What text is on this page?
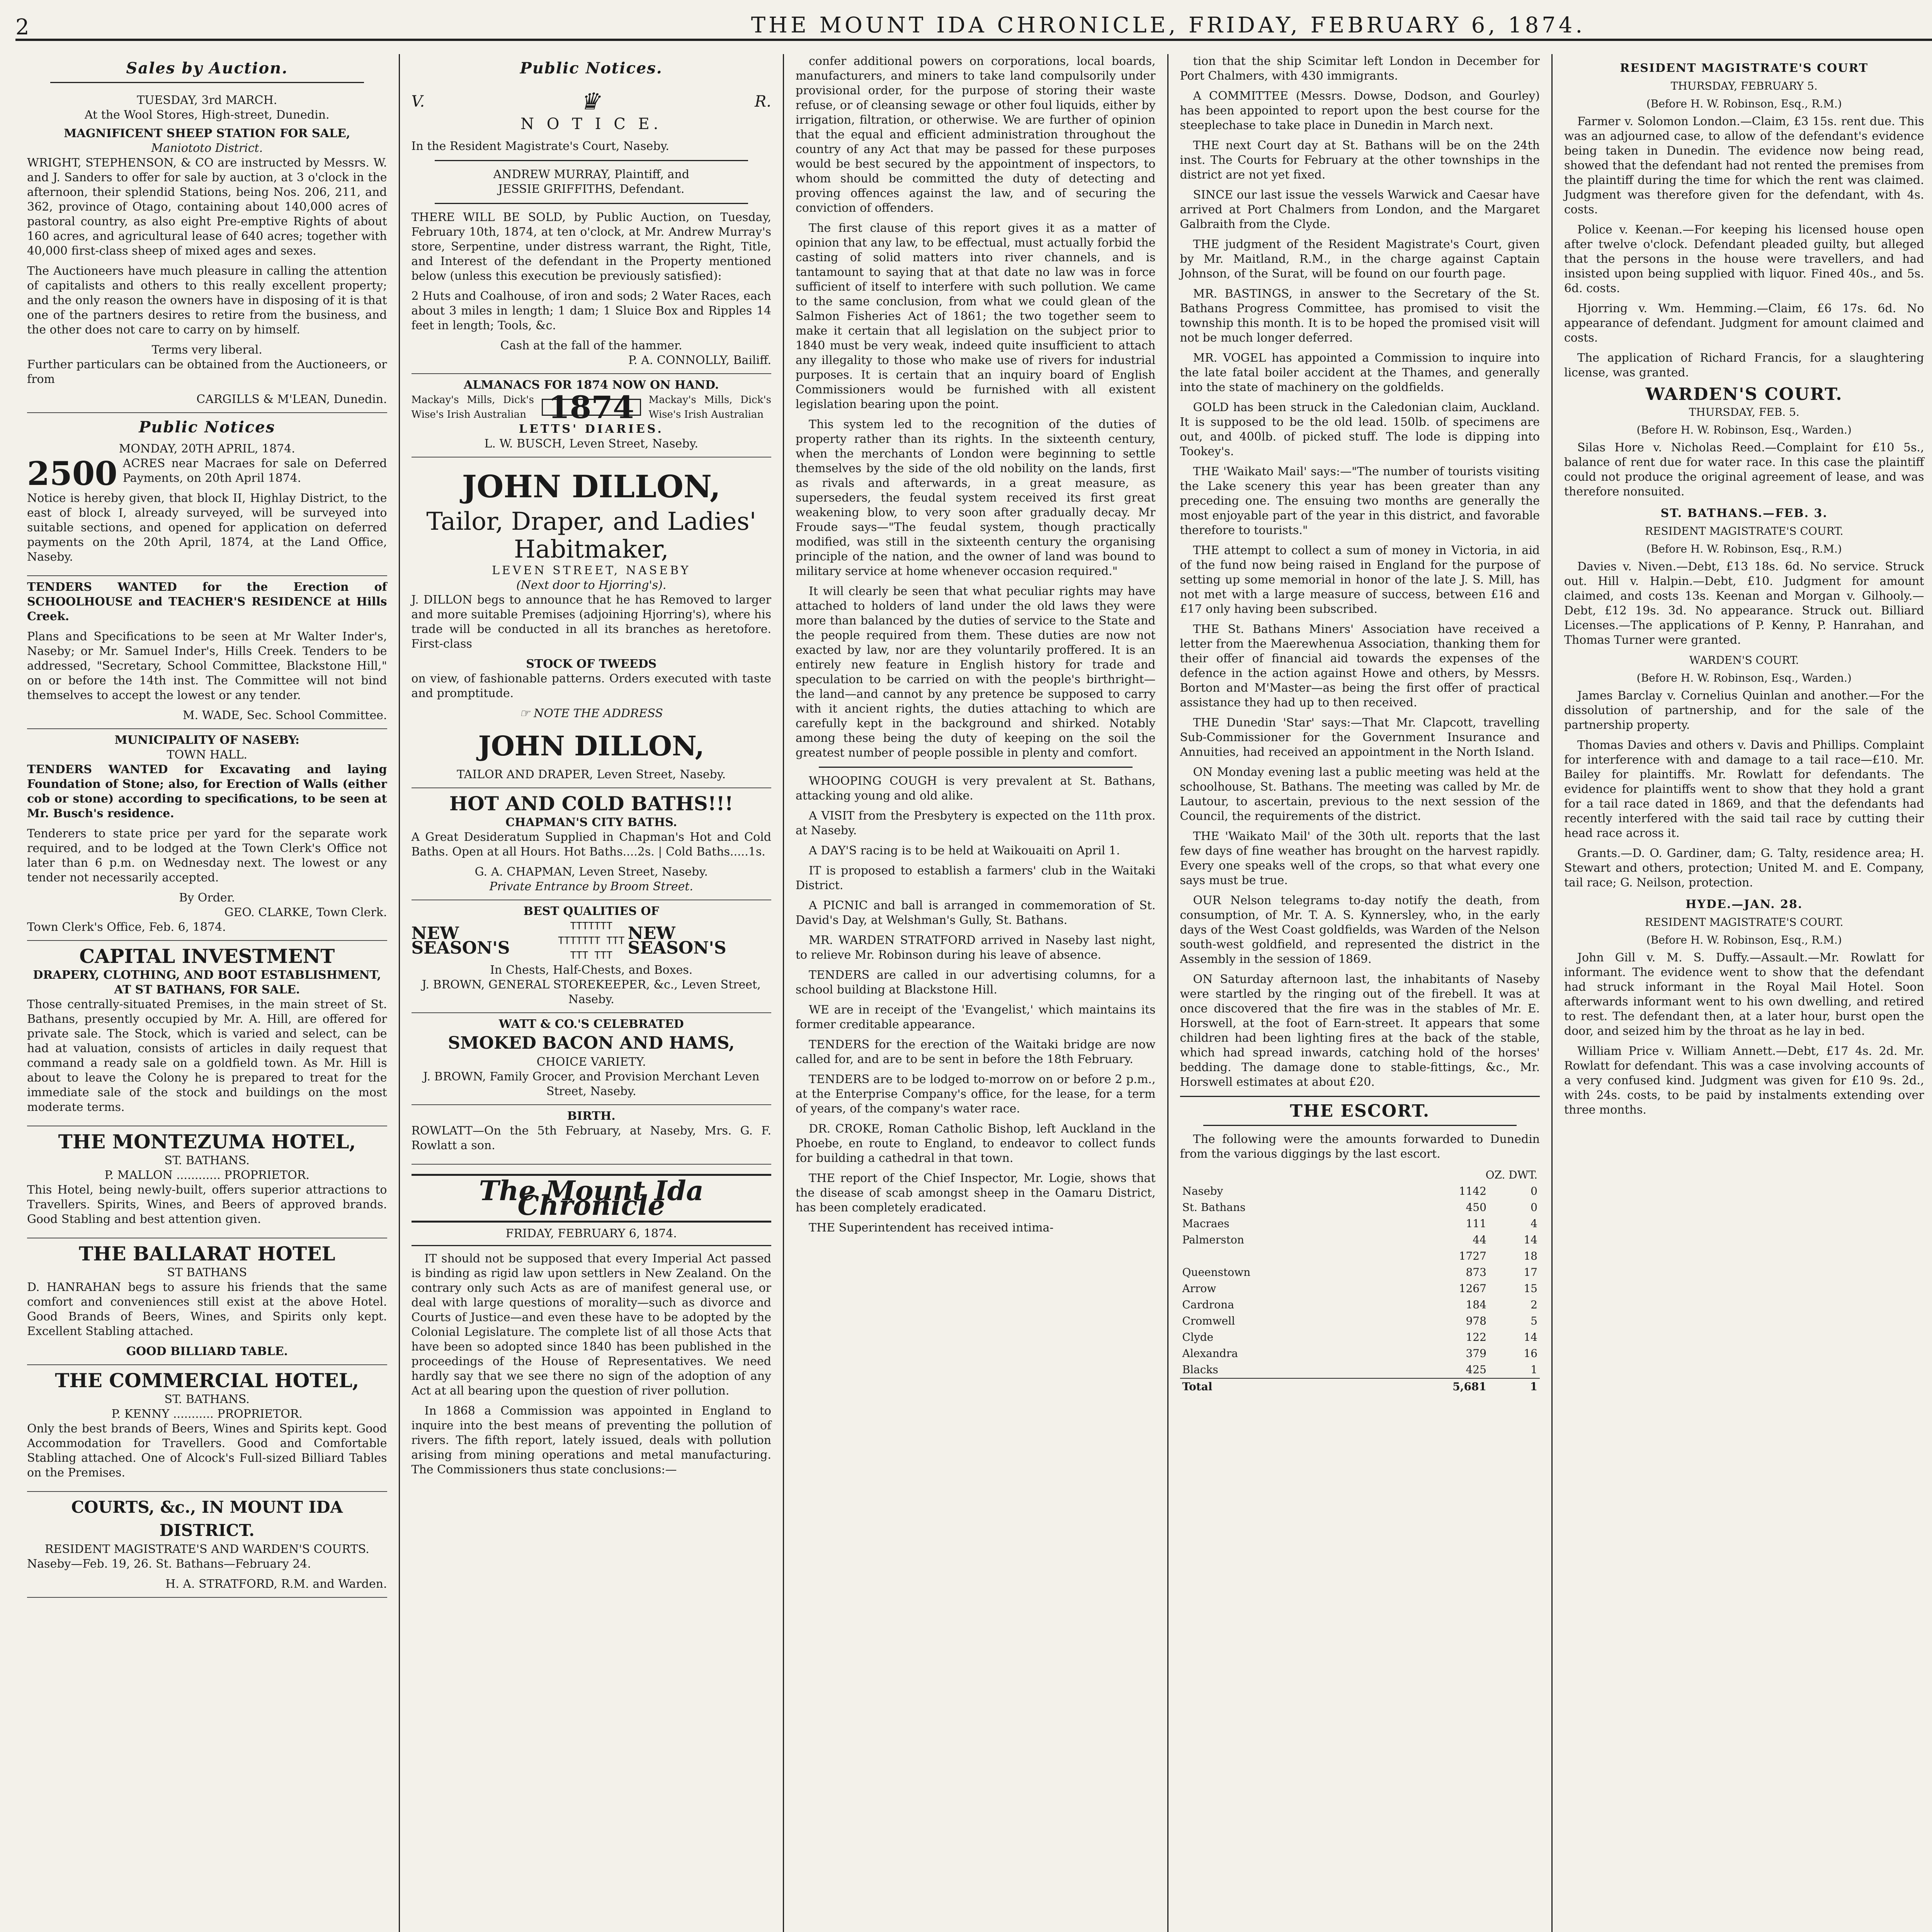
2	THE MOUNT IDA CHRONICLE, FRIDAY, FEBRUARY 6, 1874.
Sales by Auction.
TUESDAY, 3rd MARCH.
At the Wool Stores, High-street, Dunedin.
MAGNIFICENT SHEEP STATION FOR SALE,
Maniototo District.

WRIGHT, STEPHENSON, & CO are instructed by Messrs. W. and J. Sanders to offer for sale by auction, at 3 o'clock in the afternoon, their splendid Stations, being Nos. 206, 211, and 362, province of Otago, containing about 140,000 acres of pastoral country, as also eight Pre-emptive Rights of about 160 acres, and agricultural lease of 640 acres; together with 40,000 first-class sheep of mixed ages and sexes.

The Auctioneers have much pleasure in calling the attention of capitalists and others to this really excellent property; and the only reason the owners have in disposing of it is that one of the partners desires to retire from the business, and the other does not care to carry on by himself.

Terms very liberal.

Further particulars can be obtained from the Auctioneers, or from

CARGILLS & M'LEAN, Dunedin.
Public Notices
MONDAY, 20TH APRIL, 1874.
2500 ACRES near Macraes for sale on Deferred Payments, on 20th April 1874.

Notice is hereby given, that block II, Highlay District, to the east of block I, already surveyed, will be surveyed into suitable sections, and opened for application on deferred payments on the 20th April, 1874, at the Land Office, Naseby.

TENDERS WANTED for the Erection of SCHOOLHOUSE and TEACHER'S RESIDENCE at Hills Creek.

Plans and Specifications to be seen at Mr Walter Inder's, Naseby; or Mr. Samuel Inder's, Hills Creek. Tenders to be addressed, "Secretary, School Committee, Blackstone Hill," on or before the 14th inst. The Committee will not bind themselves to accept the lowest or any tender.

M. WADE, Sec. School Committee.
MUNICIPALITY OF NASEBY:
TOWN HALL.

TENDERS WANTED for Excavating and laying Foundation of Stone; also, for Erection of Walls (either cob or stone) according to specifications, to be seen at Mr. Busch's residence.

Tenderers to state price per yard for the separate work required, and to be lodged at the Town Clerk's Office not later than 6 p.m. on Wednesday next. The lowest or any tender not necessarily accepted.

By Order.
GEO. CLARKE, Town Clerk.
Town Clerk's Office, Feb. 6, 1874.
CAPITAL INVESTMENT
DRAPERY, CLOTHING, AND BOOT ESTABLISHMENT, AT ST BATHANS, FOR SALE.

Those centrally-situated Premises, in the main street of St. Bathans, presently occupied by Mr. A. Hill, are offered for private sale. The Stock, which is varied and select, can be had at valuation, consists of articles in daily request that command a ready sale on a goldfield town. As Mr. Hill is about to leave the Colony he is prepared to treat for the immediate sale of the stock and buildings on the most moderate terms.

THE MONTEZUMA HOTEL,
ST. BATHANS.
P. MALLON ............ PROPRIETOR.

This Hotel, being newly-built, offers superior attractions to Travellers. Spirits, Wines, and Beers of approved brands. Good Stabling and best attention given.

THE BALLARAT HOTEL
ST BATHANS

D. HANRAHAN begs to assure his friends that the same comfort and conveniences still exist at the above Hotel. Good Brands of Beers, Wines, and Spirits only kept. Excellent Stabling attached.

GOOD BILLIARD TABLE.
THE COMMERCIAL HOTEL,
ST. BATHANS.
P. KENNY ........... PROPRIETOR.

Only the best brands of Beers, Wines and Spirits kept. Good Accommodation for Travellers. Good and Comfortable Stabling attached. One of Alcock's Full-sized Billiard Tables on the Premises.

COURTS, &c., IN MOUNT IDA DISTRICT.
RESIDENT MAGISTRATE'S AND WARDEN'S COURTS.

Naseby—Feb. 19, 26. St. Bathans—February 24.

H. A. STRATFORD, R.M. and Warden.
Public Notices.
V.	♛	R.
N O T I C E.

In the Resident Magistrate's Court, Naseby.

ANDREW MURRAY, Plaintiff, and
JESSIE GRIFFITHS, Defendant.

THERE WILL BE SOLD, by Public Auction, on Tuesday, February 10th, 1874, at ten o'clock, at Mr. Andrew Murray's store, Serpentine, under distress warrant, the Right, Title, and Interest of the defendant in the Property mentioned below (unless this execution be previously satisfied):

2 Huts and Coalhouse, of iron and sods; 2 Water Races, each about 3 miles in length; 1 dam; 1 Sluice Box and Ripples 14 feet in length; Tools, &c.

Cash at the fall of the hammer.
P. A. CONNOLLY, Bailiff.
ALMANACS FOR 1874 NOW ON HAND.
Mackay's Mills, Dick's Wise's Irish Australian 1874	Mackay's Mills, Dick's Wise's Irish Australian
LETTS' DIARIES.
L. W. BUSCH, Leven Street, Naseby.
JOHN DILLON,
Tailor, Draper, and Ladies' Habitmaker,
LEVEN STREET, NASEBY
(Next door to Hjorring's).

J. DILLON begs to announce that he has Removed to larger and more suitable Premises (adjoining Hjorring's), where his trade will be conducted in all its branches as heretofore. First-class

STOCK OF TWEEDS

on view, of fashionable patterns. Orders executed with taste and promptitude.

☞ NOTE THE ADDRESS
JOHN DILLON,
TAILOR AND DRAPER, Leven Street, Naseby.
HOT AND COLD BATHS!!!
CHAPMAN'S CITY BATHS.

A Great Desideratum Supplied in Chapman's Hot and Cold Baths. Open at all Hours. Hot Baths....2s. | Cold Baths.....1s.

G. A. CHAPMAN, Leven Street, Naseby.
Private Entrance by Broom Street.
BEST QUALITIES OF
NEW SEASON'S
TTTTTTT TTTTTTT TTT TTT TTT
NEW SEASON'S
In Chests, Half-Chests, and Boxes.
J. BROWN, GENERAL STOREKEEPER, &c., Leven Street, Naseby.
WATT & CO.'S CELEBRATED
SMOKED BACON AND HAMS,
CHOICE VARIETY.
J. BROWN, Family Grocer, and Provision Merchant Leven Street, Naseby.
BIRTH.

ROWLATT—On the 5th February, at Naseby, Mrs. G. F. Rowlatt a son.

The Mount Ida Chronicle
FRIDAY, FEBRUARY 6, 1874.

IT should not be supposed that every Imperial Act passed is binding as rigid law upon settlers in New Zealand. On the contrary only such Acts as are of manifest general use, or deal with large questions of morality—such as divorce and Courts of Justice—and even these have to be adopted by the Colonial Legislature. The complete list of all those Acts that have been so adopted since 1840 has been published in the proceedings of the House of Representatives. We need hardly say that we see there no sign of the adoption of any Act at all bearing upon the question of river pollution.

In 1868 a Commission was appointed in England to inquire into the best means of preventing the pollution of rivers. The fifth report, lately issued, deals with pollution arising from mining operations and metal manufacturing. The Commissioners thus state conclusions:—

confer additional powers on corporations, local boards, manufacturers, and miners to take land compulsorily under provisional order, for the purpose of storing their waste refuse, or of cleansing sewage or other foul liquids, either by irrigation, filtration, or otherwise. We are further of opinion that the equal and efficient administration throughout the country of any Act that may be passed for these purposes would be best secured by the appointment of inspectors, to whom should be committed the duty of detecting and proving offences against the law, and of securing the conviction of offenders.

The first clause of this report gives it as a matter of opinion that any law, to be effectual, must actually forbid the casting of solid matters into river channels, and is tantamount to saying that at that date no law was in force sufficient of itself to interfere with such pollution. We came to the same conclusion, from what we could glean of the Salmon Fisheries Act of 1861; the two together seem to make it certain that all legislation on the subject prior to 1840 must be very weak, indeed quite insufficient to attach any illegality to those who make use of rivers for industrial purposes. It is certain that an inquiry board of English Commissioners would be furnished with all existent legislation bearing upon the point.

This system led to the recognition of the duties of property rather than its rights. In the sixteenth century, when the merchants of London were beginning to settle themselves by the side of the old nobility on the lands, first as rivals and afterwards, in a great measure, as superseders, the feudal system received its first great weakening blow, to very soon after gradually decay. Mr Froude says—"The feudal system, though practically modified, was still in the sixteenth century the organising principle of the nation, and the owner of land was bound to military service at home whenever occasion required."

It will clearly be seen that what peculiar rights may have attached to holders of land under the old laws they were more than balanced by the duties of service to the State and the people required from them. These duties are now not exacted by law, nor are they voluntarily proffered. It is an entirely new feature in English history for trade and speculation to be carried on with the people's birthright—the land—and cannot by any pretence be supposed to carry with it ancient rights, the duties attaching to which are carefully kept in the background and shirked. Notably among these being the duty of keeping on the soil the greatest number of people possible in plenty and comfort.

WHOOPING COUGH is very prevalent at St. Bathans, attacking young and old alike.

A VISIT from the Presbytery is expected on the 11th prox. at Naseby.

A DAY'S racing is to be held at Waikouaiti on April 1.

IT is proposed to establish a farmers' club in the Waitaki District.

A PICNIC and ball is arranged in commemoration of St. David's Day, at Welshman's Gully, St. Bathans.

MR. WARDEN STRATFORD arrived in Naseby last night, to relieve Mr. Robinson during his leave of absence.

TENDERS are called in our advertising columns, for a school building at Blackstone Hill.

WE are in receipt of the 'Evangelist,' which maintains its former creditable appearance.

TENDERS for the erection of the Waitaki bridge are now called for, and are to be sent in before the 18th February.

TENDERS are to be lodged to-morrow on or before 2 p.m., at the Enterprise Company's office, for the lease, for a term of years, of the company's water race.

DR. CROKE, Roman Catholic Bishop, left Auckland in the Phoebe, en route to England, to endeavor to collect funds for building a cathedral in that town.

THE report of the Chief Inspector, Mr. Logie, shows that the disease of scab amongst sheep in the Oamaru District, has been completely eradicated.

THE Superintendent has received intima-

tion that the ship Scimitar left London in December for Port Chalmers, with 430 immigrants.

A COMMITTEE (Messrs. Dowse, Dodson, and Gourley) has been appointed to report upon the best course for the steeplechase to take place in Dunedin in March next.

THE next Court day at St. Bathans will be on the 24th inst. The Courts for February at the other townships in the district are not yet fixed.

SINCE our last issue the vessels Warwick and Caesar have arrived at Port Chalmers from London, and the Margaret Galbraith from the Clyde.

THE judgment of the Resident Magistrate's Court, given by Mr. Maitland, R.M., in the charge against Captain Johnson, of the Surat, will be found on our fourth page.

MR. BASTINGS, in answer to the Secretary of the St. Bathans Progress Committee, has promised to visit the township this month. It is to be hoped the promised visit will not be much longer deferred.

MR. VOGEL has appointed a Commission to inquire into the late fatal boiler accident at the Thames, and generally into the state of machinery on the goldfields.

GOLD has been struck in the Caledonian claim, Auckland. It is supposed to be the old lead. 150lb. of specimens are out, and 400lb. of picked stuff. The lode is dipping into Tookey's.

THE 'Waikato Mail' says:—"The number of tourists visiting the Lake scenery this year has been greater than any preceding one. The ensuing two months are generally the most enjoyable part of the year in this district, and favorable therefore to tourists."

THE attempt to collect a sum of money in Victoria, in aid of the fund now being raised in England for the purpose of setting up some memorial in honor of the late J. S. Mill, has not met with a large measure of success, between £16 and £17 only having been subscribed.

THE St. Bathans Miners' Association have received a letter from the Maerewhenua Association, thanking them for their offer of financial aid towards the expenses of the defence in the action against Howe and others, by Messrs. Borton and M'Master—as being the first offer of practical assistance they had up to then received.

THE Dunedin 'Star' says:—That Mr. Clapcott, travelling Sub-Commissioner for the Government Insurance and Annuities, had received an appointment in the North Island.

ON Monday evening last a public meeting was held at the schoolhouse, St. Bathans. The meeting was called by Mr. de Lautour, to ascertain, previous to the next session of the Council, the requirements of the district.

THE 'Waikato Mail' of the 30th ult. reports that the last few days of fine weather has brought on the harvest rapidly. Every one speaks well of the crops, so that what every one says must be true.

OUR Nelson telegrams to-day notify the death, from consumption, of Mr. T. A. S. Kynnersley, who, in the early days of the West Coast goldfields, was Warden of the Nelson south-west goldfield, and represented the district in the Assembly in the session of 1869.

ON Saturday afternoon last, the inhabitants of Naseby were startled by the ringing out of the firebell. It was at once discovered that the fire was in the stables of Mr. E. Horswell, at the foot of Earn-street. It appears that some children had been lighting fires at the back of the stable, which had spread inwards, catching hold of the horses' bedding. The damage done to stable-fittings, &c., Mr. Horswell estimates at about £20.

THE ESCORT.

The following were the amounts forwarded to Dunedin from the various diggings by the last escort.

	OZ. DWT.	
Naseby	1142	0
St. Bathans	450	0
Macraes	111	4
Palmerston	44	14
	1727	18
Queenstown	873	17
Arrow	1267	15
Cardrona	184	2
Cromwell	978	5
Clyde	122	14
Alexandra	379	16
Blacks	425	1
Total	5,681	1
RESIDENT MAGISTRATE'S COURT
THURSDAY, FEBRUARY 5.
(Before H. W. Robinson, Esq., R.M.)

Farmer v. Solomon London.—Claim, £3 15s. rent due. This was an adjourned case, to allow of the defendant's evidence being taken in Dunedin. The evidence now being read, showed that the defendant had not rented the premises from the plaintiff during the time for which the rent was claimed. Judgment was therefore given for the defendant, with 4s. costs.

Police v. Keenan.—For keeping his licensed house open after twelve o'clock. Defendant pleaded guilty, but alleged that the persons in the house were travellers, and had insisted upon being supplied with liquor. Fined 40s., and 5s. 6d. costs.

Hjorring v. Wm. Hemming.—Claim, £6 17s. 6d. No appearance of defendant. Judgment for amount claimed and costs.

The application of Richard Francis, for a slaughtering license, was granted.

WARDEN'S COURT.
THURSDAY, FEB. 5.
(Before H. W. Robinson, Esq., Warden.)

Silas Hore v. Nicholas Reed.—Complaint for £10 5s., balance of rent due for water race. In this case the plaintiff could not produce the original agreement of lease, and was therefore nonsuited.

ST. BATHANS.—FEB. 3.
RESIDENT MAGISTRATE'S COURT.
(Before H. W. Robinson, Esq., R.M.)

Davies v. Niven.—Debt, £13 18s. 6d. No service. Struck out. Hill v. Halpin.—Debt, £10. Judgment for amount claimed, and costs 13s. Keenan and Morgan v. Gilhooly.—Debt, £12 19s. 3d. No appearance. Struck out. Billiard Licenses.—The applications of P. Kenny, P. Hanrahan, and Thomas Turner were granted.

WARDEN'S COURT.
(Before H. W. Robinson, Esq., Warden.)

James Barclay v. Cornelius Quinlan and another.—For the dissolution of partnership, and for the sale of the partnership property.

Thomas Davies and others v. Davis and Phillips. Complaint for interference with and damage to a tail race—£10. Mr. Bailey for plaintiffs. Mr. Rowlatt for defendants. The evidence for plaintiffs went to show that they hold a grant for a tail race dated in 1869, and that the defendants had recently interfered with the said tail race by cutting their head race across it.

Grants.—D. O. Gardiner, dam; G. Talty, residence area; H. Stewart and others, protection; United M. and E. Company, tail race; G. Neilson, protection.

HYDE.—JAN. 28.
RESIDENT MAGISTRATE'S COURT.
(Before H. W. Robinson, Esq., R.M.)

John Gill v. M. S. Duffy.—Assault.—Mr. Rowlatt for informant. The evidence went to show that the defendant had struck informant in the Royal Mail Hotel. Soon afterwards informant went to his own dwelling, and retired to rest. The defendant then, at a later hour, burst open the door, and seized him by the throat as he lay in bed.

William Price v. William Annett.—Debt, £17 4s. 2d. Mr. Rowlatt for defendant. This was a case involving accounts of a very confused kind. Judgment was given for £10 9s. 2d., with 24s. costs, to be paid by instalments extending over three months.
